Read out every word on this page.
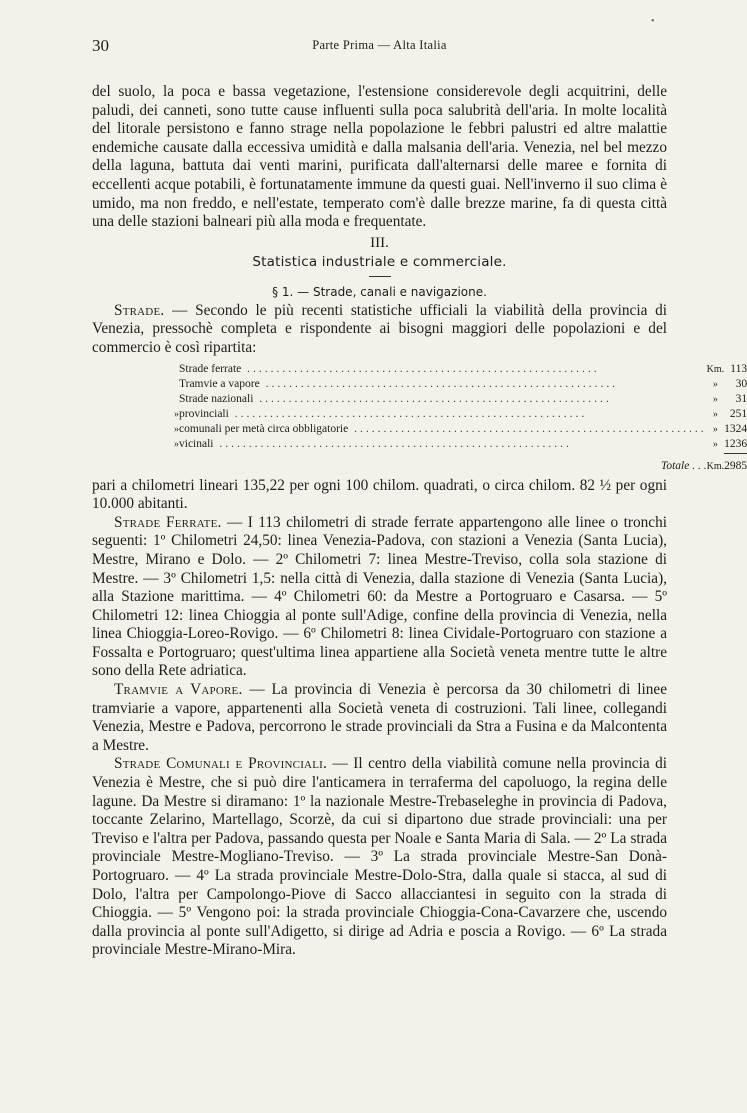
30	Parte Prima — Alta Italia
•

del suolo, la poca e bassa vegetazione, l'estensione considerevole degli acquitrini, delle paludi, dei canneti, sono tutte cause influenti sulla poca salubrità dell'aria. In molte località del litorale persistono e fanno strage nella popolazione le febbri palustri ed altre malattie endemiche causate dalla eccessiva umidità e dalla malsania dell'aria. Venezia, nel bel mezzo della laguna, battuta dai venti marini, purificata dall'alternarsi delle maree e fornita di eccellenti acque potabili, è fortunatamente immune da questi guai. Nell'inverno il suo clima è umido, ma non freddo, e nell'estate, temperato com'è dalle brezze marine, fa di questa città una delle stazioni balneari più alla moda e frequentate.

III.
Statistica industriale e commerciale.
§ 1. — Strade, canali e navigazione.

Strade. — Secondo le più recenti statistiche ufficiali la viabilità della provincia di Venezia, pressochè completa e rispondente ai bisogni maggiori delle popolazioni e del commercio è così ripartita:

	Strade ferrate ............................................................	Km.	113
	Tramvie a vapore ............................................................	»	30
	Strade nazionali ............................................................	»	31
»	provinciali ............................................................	»	251
»	comunali per metà circa obbligatorie ............................................................	»	1324
»	vicinali ............................................................	»	1236

	Totale . . .	Km.	2985

pari a chilometri lineari 135,22 per ogni 100 chilom. quadrati, o circa chilom. 82 ½ per ogni 10.000 abitanti.

Strade Ferrate. — I 113 chilometri di strade ferrate appartengono alle linee o tronchi seguenti: 1º Chilometri 24,50: linea Venezia-Padova, con stazioni a Venezia (Santa Lucia), Mestre, Mirano e Dolo. — 2º Chilometri 7: linea Mestre-Treviso, colla sola stazione di Mestre. — 3º Chilometri 1,5: nella città di Venezia, dalla stazione di Venezia (Santa Lucia), alla Stazione marittima. — 4º Chilometri 60: da Mestre a Portogruaro e Casarsa. — 5º Chilometri 12: linea Chioggia al ponte sull'Adige, confine della provincia di Venezia, nella linea Chioggia-Loreo-Rovigo. — 6º Chilometri 8: linea Cividale-Portogruaro con stazione a Fossalta e Portogruaro; quest'ultima linea appartiene alla Società veneta mentre tutte le altre sono della Rete adriatica.

Tramvie a Vapore. — La provincia di Venezia è percorsa da 30 chilometri di linee tramviarie a vapore, appartenenti alla Società veneta di costruzioni. Tali linee, collegandi Venezia, Mestre e Padova, percorrono le strade provinciali da Stra a Fusina e da Malcontenta a Mestre.

Strade Comunali e Provinciali. — Il centro della viabilità comune nella provincia di Venezia è Mestre, che si può dire l'anticamera in terraferma del capoluogo, la regina delle lagune. Da Mestre si diramano: 1º la nazionale Mestre-Trebaseleghe in provincia di Padova, toccante Zelarino, Martellago, Scorzè, da cui si dipartono due strade provinciali: una per Treviso e l'altra per Padova, passando questa per Noale e Santa Maria di Sala. — 2º La strada provinciale Mestre-Mogliano-Treviso. — 3º La strada provinciale Mestre-San Donà-Portogruaro. — 4º La strada provinciale Mestre-Dolo-Stra, dalla quale si stacca, al sud di Dolo, l'altra per Campolongo-Piove di Sacco allacciantesi in seguito con la strada di Chioggia. — 5º Vengono poi: la strada provinciale Chioggia-Cona-Cavarzere che, uscendo dalla provincia al ponte sull'Adigetto, si dirige ad Adria e poscia a Rovigo. — 6º La strada provinciale Mestre-Mirano-Mira.
